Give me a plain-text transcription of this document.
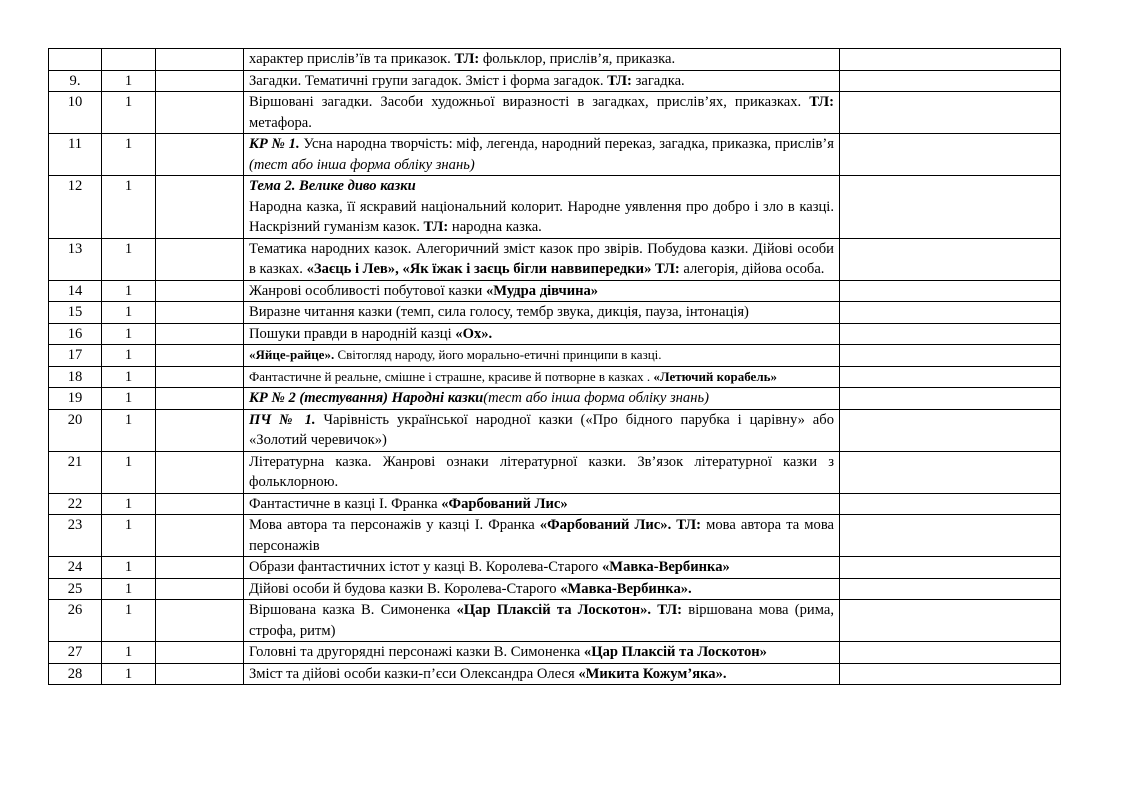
			характер прислів’їв та приказок. ТЛ: фольклор, прислів’я, приказка.	
9.	1		Загадки. Тематичні групи загадок. Зміст і форма загадок. ТЛ: загадка.	
10	1		Віршовані загадки. Засоби художньої виразності в загадках, прислів’ях, приказках. ТЛ: метафора.	
11	1		КР № 1. Усна народна творчість: міф, легенда, народний переказ, загадка, приказка, прислів’я (тест або інша форма обліку знань)	
12	1		Тема 2. Велике диво казки
Народна казка, її яскравий національний колорит. Народне уявлення про добро і зло в казці. Наскрізний гуманізм казок. ТЛ: народна казка.	
13	1		Тематика народних казок. Алегоричний зміст казок про звірів. Побудова казки. Дійові особи в казках. «Заєць і Лев», «Як їжак і заєць бігли наввипередки» ТЛ: алегорія, дійова особа.	
14	1		Жанрові особливості побутової казки «Мудра дівчина»	
15	1		Виразне читання казки (темп, сила голосу, тембр звука, дикція, пауза, інтонація)	
16	1		Пошуки правди в народній казці «Ох».	
17	1		«Яйце-райце». Світогляд народу, його морально-етичні принципи в казці.	
18	1		Фантастичне й реальне, смішне і страшне, красиве й потворне в казках . «Летючий корабель»	
19	1		КР № 2 (тестування) Народні казки(тест або інша форма обліку знань)	
20	1		ПЧ № 1. Чарівність української народної казки («Про бідного парубка і царівну» або «Золотий черевичок»)	
21	1		Літературна казка. Жанрові ознаки літературної казки. Зв’язок літературної казки з фольклорною.	
22	1		Фантастичне в казці І. Франка «Фарбований Лис»	
23	1		Мова автора та персонажів у казці І. Франка «Фарбований Лис». ТЛ: мова автора та мова персонажів	
24	1		Образи фантастичних істот у казці В. Королева-Старого «Мавка-Вербинка»	
25	1		Дійові особи й будова казки В. Королева-Старого «Мавка-Вербинка».	
26	1		Віршована казка В. Симоненка «Цар Плаксій та Лоскотон». ТЛ: віршована мова (рима, строфа, ритм)	
27	1		Головні та другорядні персонажі казки В. Симоненка «Цар Плаксій та Лоскотон»	
28	1		Зміст та дійові особи казки-п’єси Олександра Олеся «Микита Кожум’яка».	
